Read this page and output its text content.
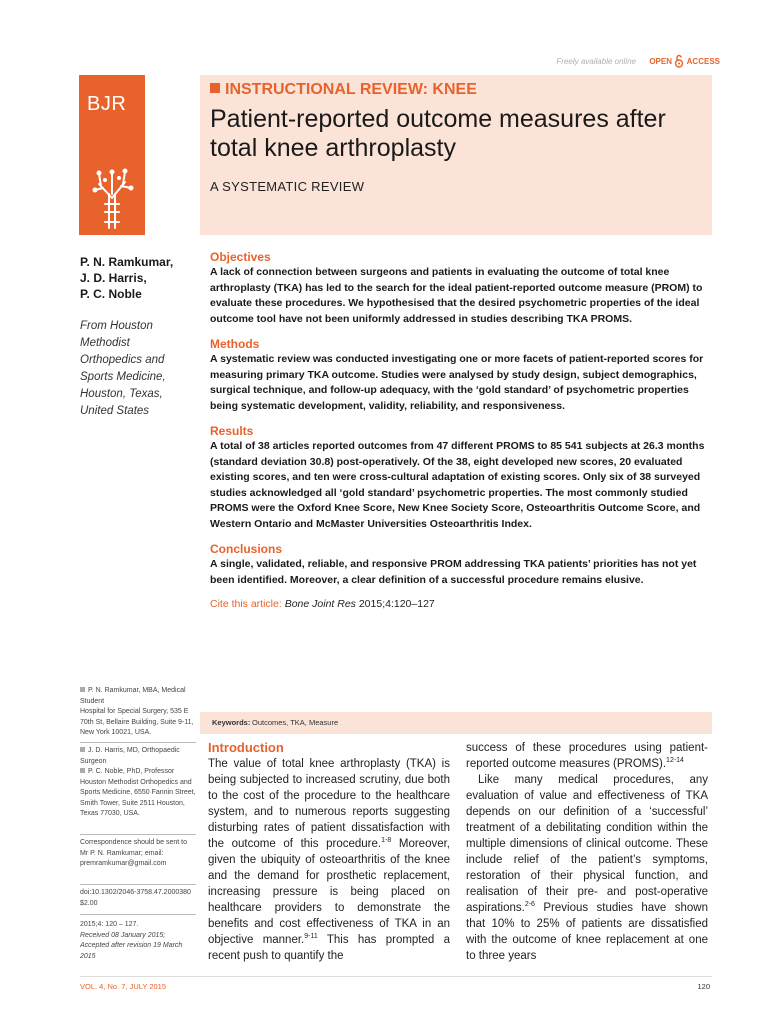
Freely available online OPEN ACCESS
BJR
INSTRUCTIONAL REVIEW: KNEE
Patient-reported outcome measures after total knee arthroplasty
A SYSTEMATIC REVIEW
P. N. Ramkumar,
J. D. Harris,
P. C. Noble
From Houston Methodist Orthopedics and Sports Medicine, Houston, Texas, United States
Objectives

A lack of connection between surgeons and patients in evaluating the outcome of total knee arthroplasty (TKA) has led to the search for the ideal patient-reported outcome measure (PROM) to evaluate these procedures. We hypothesised that the desired psychometric properties of the ideal outcome tool have not been uniformly addressed in studies describing TKA PROMS.

Methods

A systematic review was conducted investigating one or more facets of patient-reported scores for measuring primary TKA outcome. Studies were analysed by study design, subject demographics, surgical technique, and follow-up adequacy, with the ‘gold standard’ of psychometric properties being systematic development, validity, reliability, and responsiveness.

Results

A total of 38 articles reported outcomes from 47 different PROMS to 85 541 subjects at 26.3 months (standard deviation 30.8) post-operatively. Of the 38, eight developed new scores, 20 evaluated existing scores, and ten were cross-cultural adaptation of existing scores. Only six of 38 surveyed studies acknowledged all ‘gold standard’ psychometric properties. The most commonly studied PROMS were the Oxford Knee Score, New Knee Society Score, Osteoarthritis Outcome Score, and Western Ontario and McMaster Universities Osteoarthritis Index.

Conclusions

A single, validated, reliable, and responsive PROM addressing TKA patients’ priorities has not yet been identified. Moreover, a clear definition of a successful procedure remains elusive.

Cite this article: Bone Joint Res 2015;4:120–127
P. N. Ramkumar, MBA, Medical Student
Hospital for Special Surgery, 535 E 70th St, Bellaire Building, Suite 9-11, New York 10021, USA.
J. D. Harris, MD, Orthopaedic Surgeon
P. C. Noble, PhD, Professor
Houston Methodist Orthopedics and Sports Medicine, 6550 Fannin Street, Smith Tower, Suite 2511 Houston, Texas 77030, USA.
Correspondence should be sent to Mr P. N. Ramkumar; email: premramkumar@gmail.com
doi:10.1302/2046-3758.47.2000380 $2.00
2015;4: 120 – 127.
Received 08 January 2015; Accepted after revision 19 March 2015
Keywords: Outcomes, TKA, Measure
Introduction

The value of total knee arthroplasty (TKA) is being subjected to increased scrutiny, due both to the cost of the procedure to the healthcare system, and to numerous reports suggesting disturbing rates of patient dissatisfaction with the outcome of this procedure.$^{1-8}$ Moreover, given the ubiquity of osteoarthritis of the knee and the demand for prosthetic replacement, increasing pressure is being placed on healthcare providers to demonstrate the benefits and cost effectiveness of TKA in an objective manner.$^{9-11}$ This has prompted a recent push to quantify the

success of these procedures using patient-reported outcome measures (PROMS).$^{12-14}$

Like many medical procedures, any evaluation of value and effectiveness of TKA depends on our definition of a ‘successful’ treatment of a debilitating condition within the multiple dimensions of clinical outcome. These include relief of the patient’s symptoms, restoration of their physical function, and realisation of their pre- and post-operative aspirations.$^{2-6}$ Previous studies have shown that 10% to 25% of patients are dissatisfied with the outcome of knee replacement at one to three years

VOL. 4, No. 7, JULY 2015	120
